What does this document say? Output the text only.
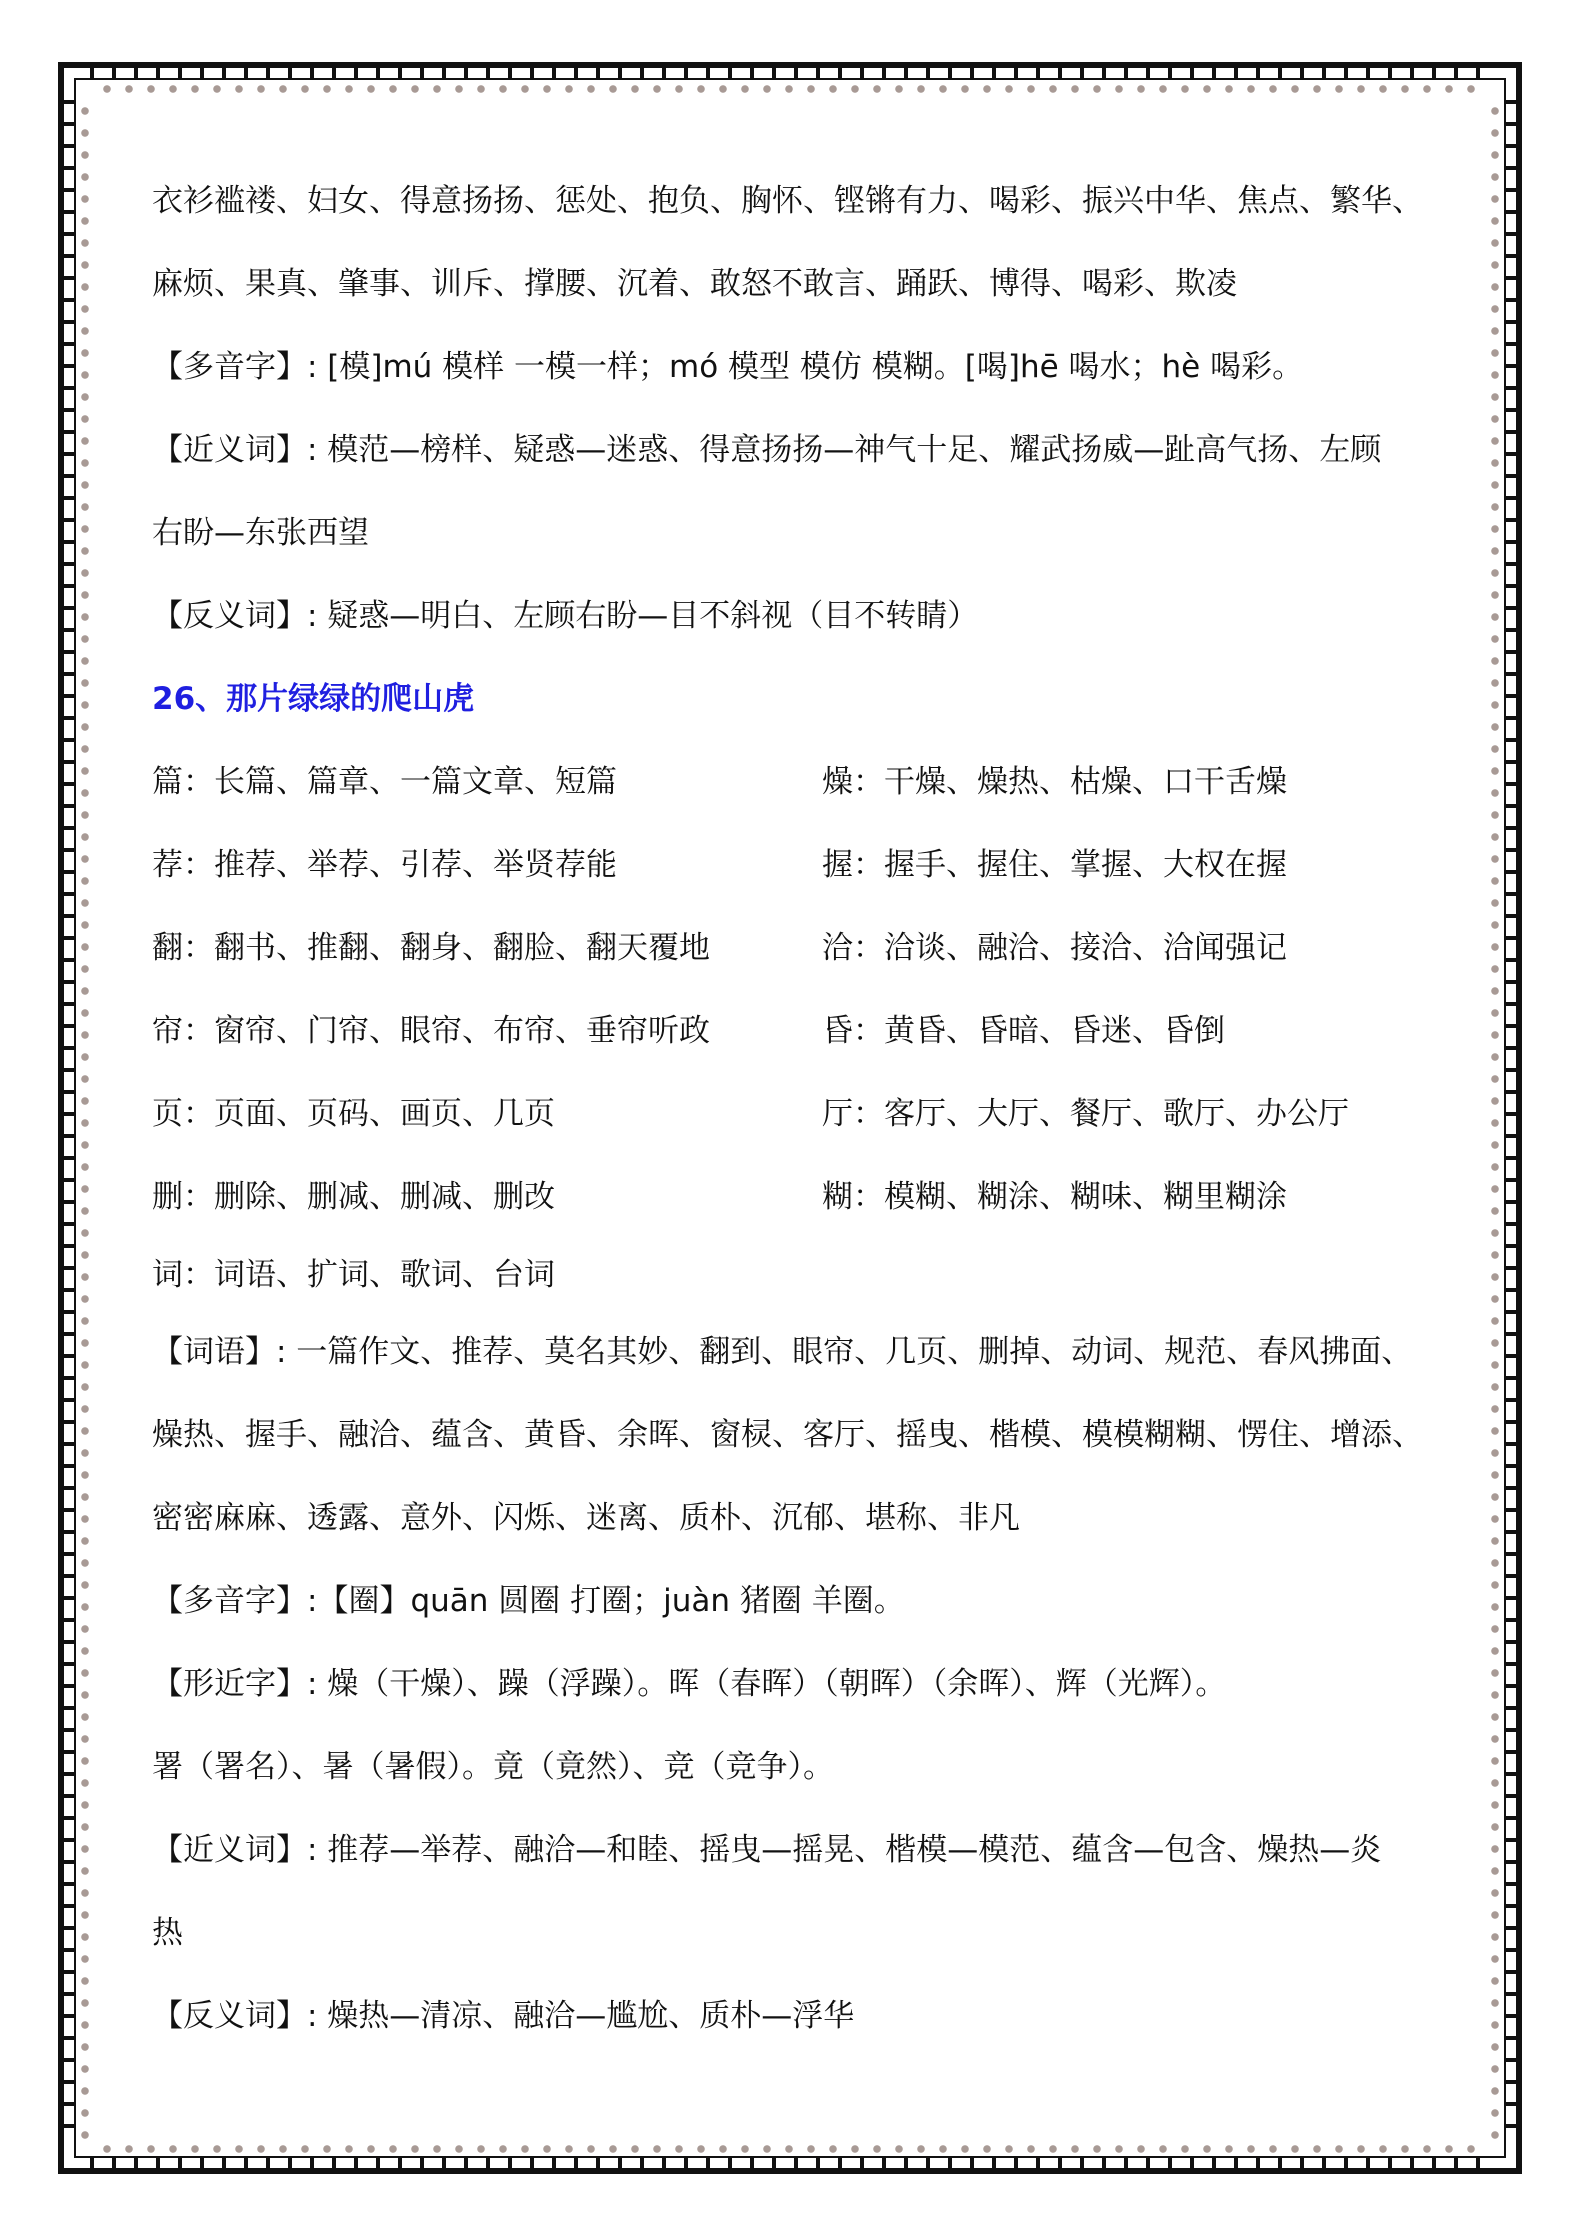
衣衫褴褛、妇女、得意扬扬、惩处、抱负、胸怀、铿锵有力、喝彩、振兴中华、焦点、繁华、
麻烦、果真、肇事、训斥、撑腰、沉着、敢怒不敢言、踊跃、博得、喝彩、欺凌
【多音字】: [模]mú 模样 一模一样；mó 模型 模仿 模糊。[喝]hē 喝水；hè 喝彩。
【近义词】: 模范—榜样、疑惑—迷惑、得意扬扬—神气十足、耀武扬威—趾高气扬、左顾
右盼—东张西望
【反义词】: 疑惑—明白、左顾右盼—目不斜视（目不转睛）
26、那片绿绿的爬山虎
篇：长篇、篇章、一篇文章、短篇	燥：干燥、燥热、枯燥、口干舌燥
荐：推荐、举荐、引荐、举贤荐能	握：握手、握住、掌握、大权在握
翻：翻书、推翻、翻身、翻脸、翻天覆地	洽：洽谈、融洽、接洽、洽闻强记
帘：窗帘、门帘、眼帘、布帘、垂帘听政	昏：黄昏、昏暗、昏迷、昏倒
页：页面、页码、画页、几页	厅：客厅、大厅、餐厅、歌厅、办公厅
删：删除、删减、删减、删改	糊：模糊、糊涂、糊味、糊里糊涂
词：词语、扩词、歌词、台词
【词语】: 一篇作文、推荐、莫名其妙、翻到、眼帘、几页、删掉、动词、规范、春风拂面、
燥热、握手、融洽、蕴含、黄昏、余晖、窗棂、客厅、摇曳、楷模、模模糊糊、愣住、增添、
密密麻麻、透露、意外、闪烁、迷离、质朴、沉郁、堪称、非凡
【多音字】:【圈】quān 圆圈 打圈；juàn 猪圈 羊圈。
【形近字】: 燥（干燥）、躁（浮躁）。晖（春晖）（朝晖）（余晖）、辉（光辉）。
署（署名）、暑（暑假）。竟（竟然）、竞（竞争）。
【近义词】: 推荐—举荐、融洽—和睦、摇曳—摇晃、楷模—模范、蕴含—包含、燥热—炎
热
【反义词】: 燥热—清凉、融洽—尴尬、质朴—浮华
